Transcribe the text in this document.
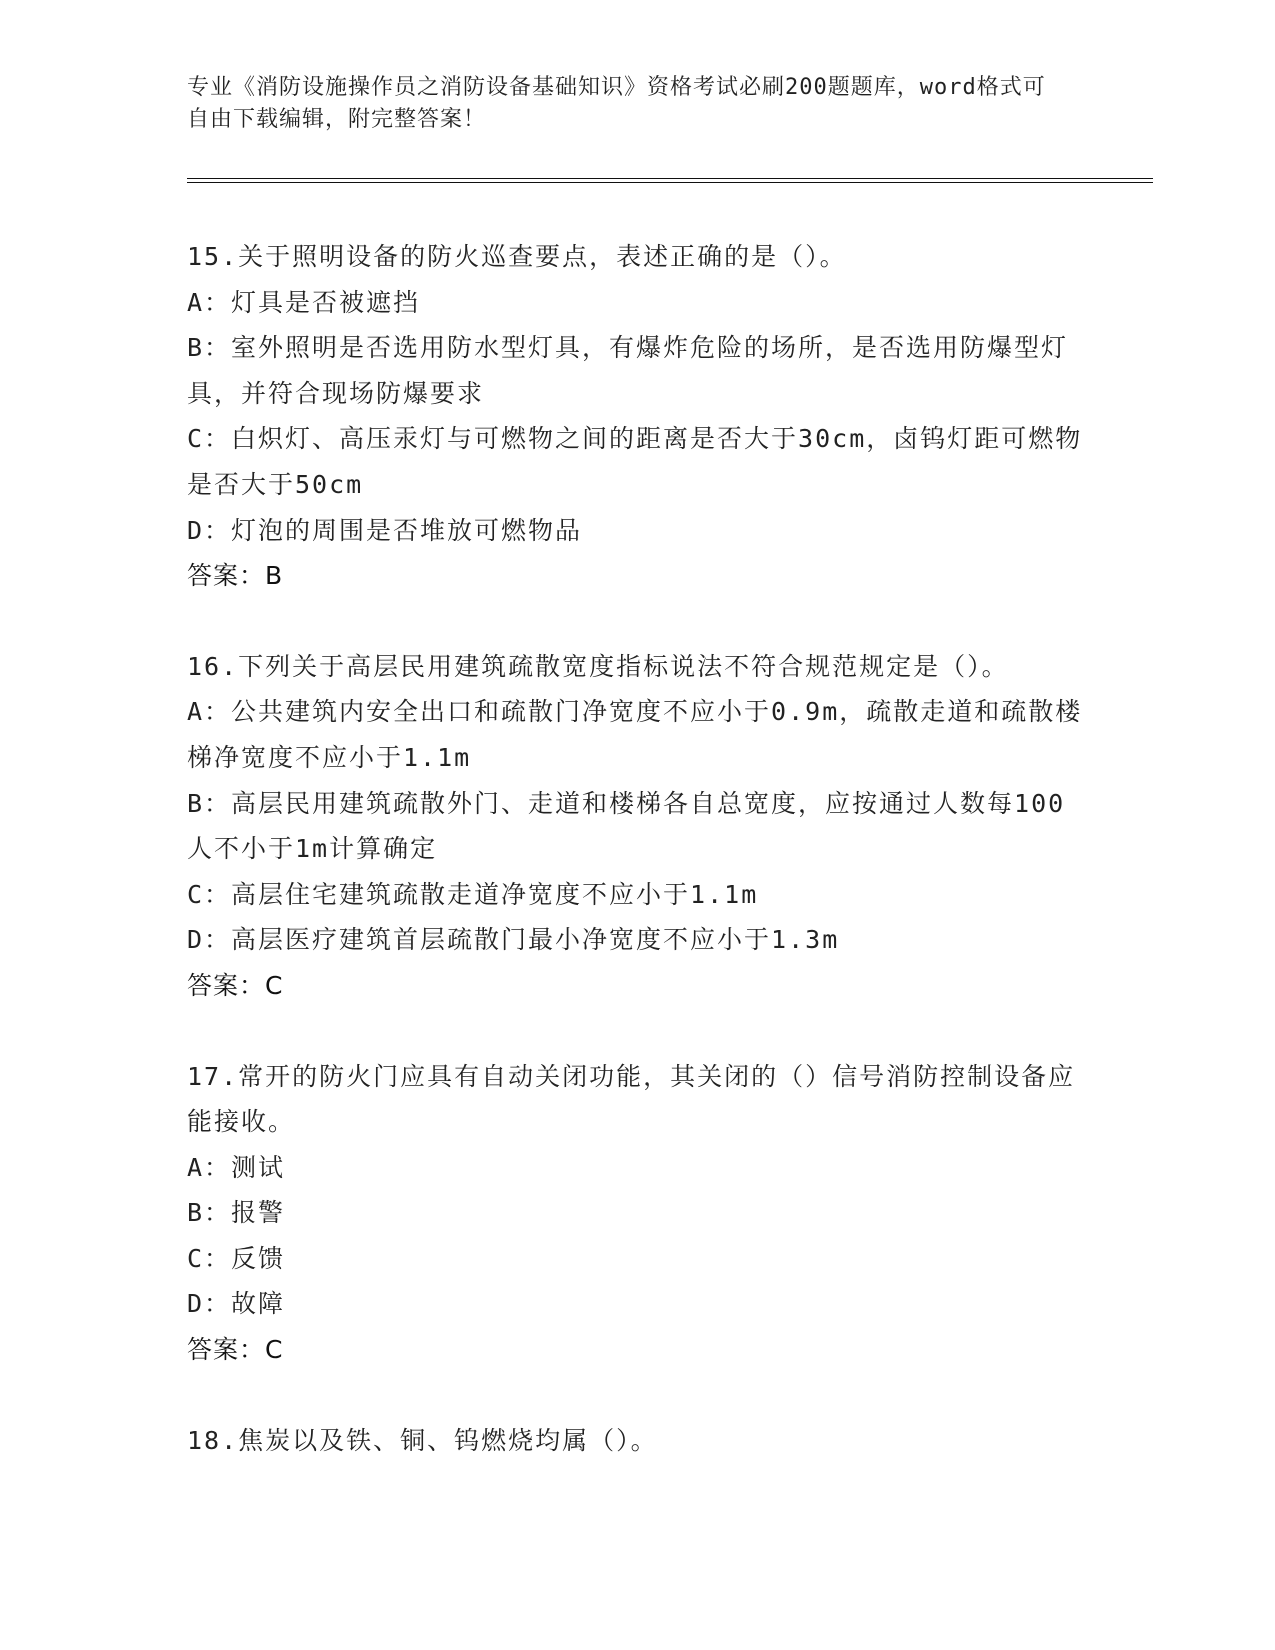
专业《消防设施操作员之消防设备基础知识》资格考试必刷200题题库，word格式可自由下载编辑，附完整答案！
15.关于照明设备的防火巡查要点，表述正确的是（）。
A：灯具是否被遮挡
B：室外照明是否选用防水型灯具，有爆炸危险的场所，是否选用防爆型灯具，并符合现场防爆要求
C：白炽灯、高压汞灯与可燃物之间的距离是否大于30cm，卤钨灯距可燃物是否大于50cm
D：灯泡的周围是否堆放可燃物品
答案：B
16.下列关于高层民用建筑疏散宽度指标说法不符合规范规定是（）。
A：公共建筑内安全出口和疏散门净宽度不应小于0.9m，疏散走道和疏散楼梯净宽度不应小于1.1m
B：高层民用建筑疏散外门、走道和楼梯各自总宽度，应按通过人数每100人不小于1m计算确定
C：高层住宅建筑疏散走道净宽度不应小于1.1m
D：高层医疗建筑首层疏散门最小净宽度不应小于1.3m
答案：C
17.常开的防火门应具有自动关闭功能，其关闭的（）信号消防控制设备应能接收。
A：测试
B：报警
C：反馈
D：故障
答案：C
18.焦炭以及铁、铜、钨燃烧均属（）。
